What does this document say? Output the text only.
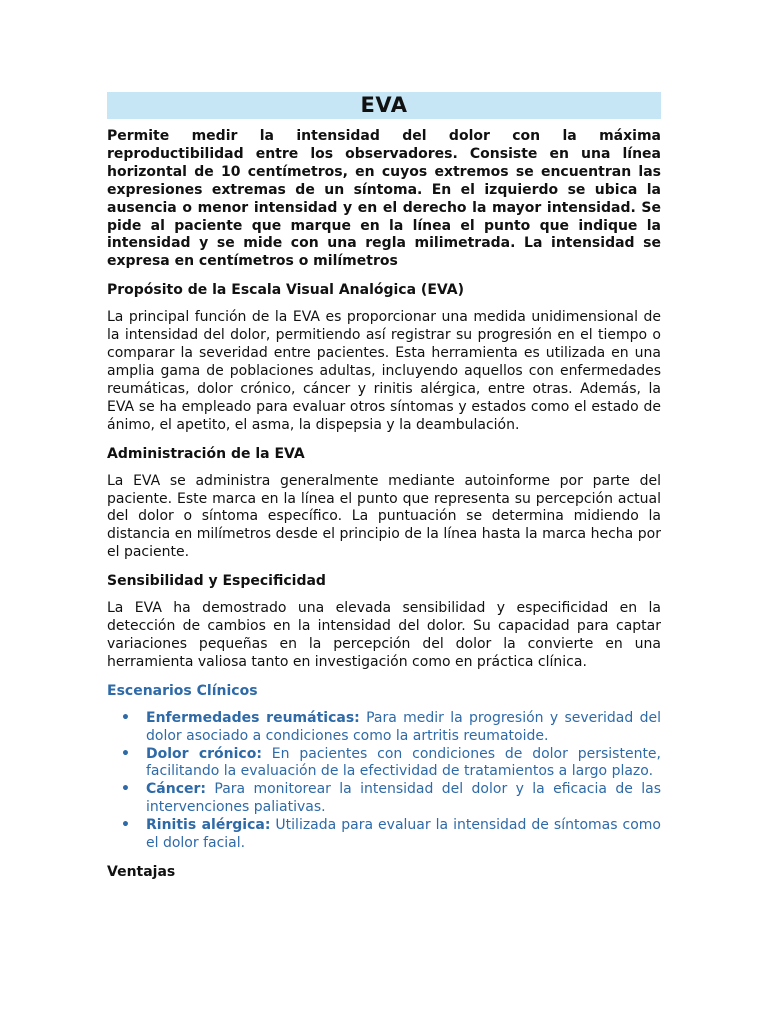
EVA

Permite medir la intensidad del dolor con la máxima reproductibilidad entre los observadores. Consiste en una línea horizontal de 10 centímetros, en cuyos extremos se encuentran las expresiones extremas de un síntoma. En el izquierdo se ubica la ausencia o menor intensidad y en el derecho la mayor intensidad. Se pide al paciente que marque en la línea el punto que indique la intensidad y se mide con una regla milimetrada. La intensidad se expresa en centímetros o milímetros

Propósito de la Escala Visual Analógica (EVA)

La principal función de la EVA es proporcionar una medida unidimensional de la intensidad del dolor, permitiendo así registrar su progresión en el tiempo o comparar la severidad entre pacientes. Esta herramienta es utilizada en una amplia gama de poblaciones adultas, incluyendo aquellos con enfermedades reumáticas, dolor crónico, cáncer y rinitis alérgica, entre otras. Además, la EVA se ha empleado para evaluar otros síntomas y estados como el estado de ánimo, el apetito, el asma, la dispepsia y la deambulación.

Administración de la EVA

La EVA se administra generalmente mediante autoinforme por parte del paciente. Este marca en la línea el punto que representa su percepción actual del dolor o síntoma específico. La puntuación se determina midiendo la distancia en milímetros desde el principio de la línea hasta la marca hecha por el paciente.

Sensibilidad y Especificidad

La EVA ha demostrado una elevada sensibilidad y especificidad en la detección de cambios en la intensidad del dolor. Su capacidad para captar variaciones pequeñas en la percepción del dolor la convierte en una herramienta valiosa tanto en investigación como en práctica clínica.

Escenarios Clínicos
• Enfermedades reumáticas: Para medir la progresión y severidad del dolor asociado a condiciones como la artritis reumatoide.
• Dolor crónico: En pacientes con condiciones de dolor persistente, facilitando la evaluación de la efectividad de tratamientos a largo plazo.
• Cáncer: Para monitorear la intensidad del dolor y la eficacia de las intervenciones paliativas.
• Rinitis alérgica: Utilizada para evaluar la intensidad de síntomas como el dolor facial.
Ventajas
